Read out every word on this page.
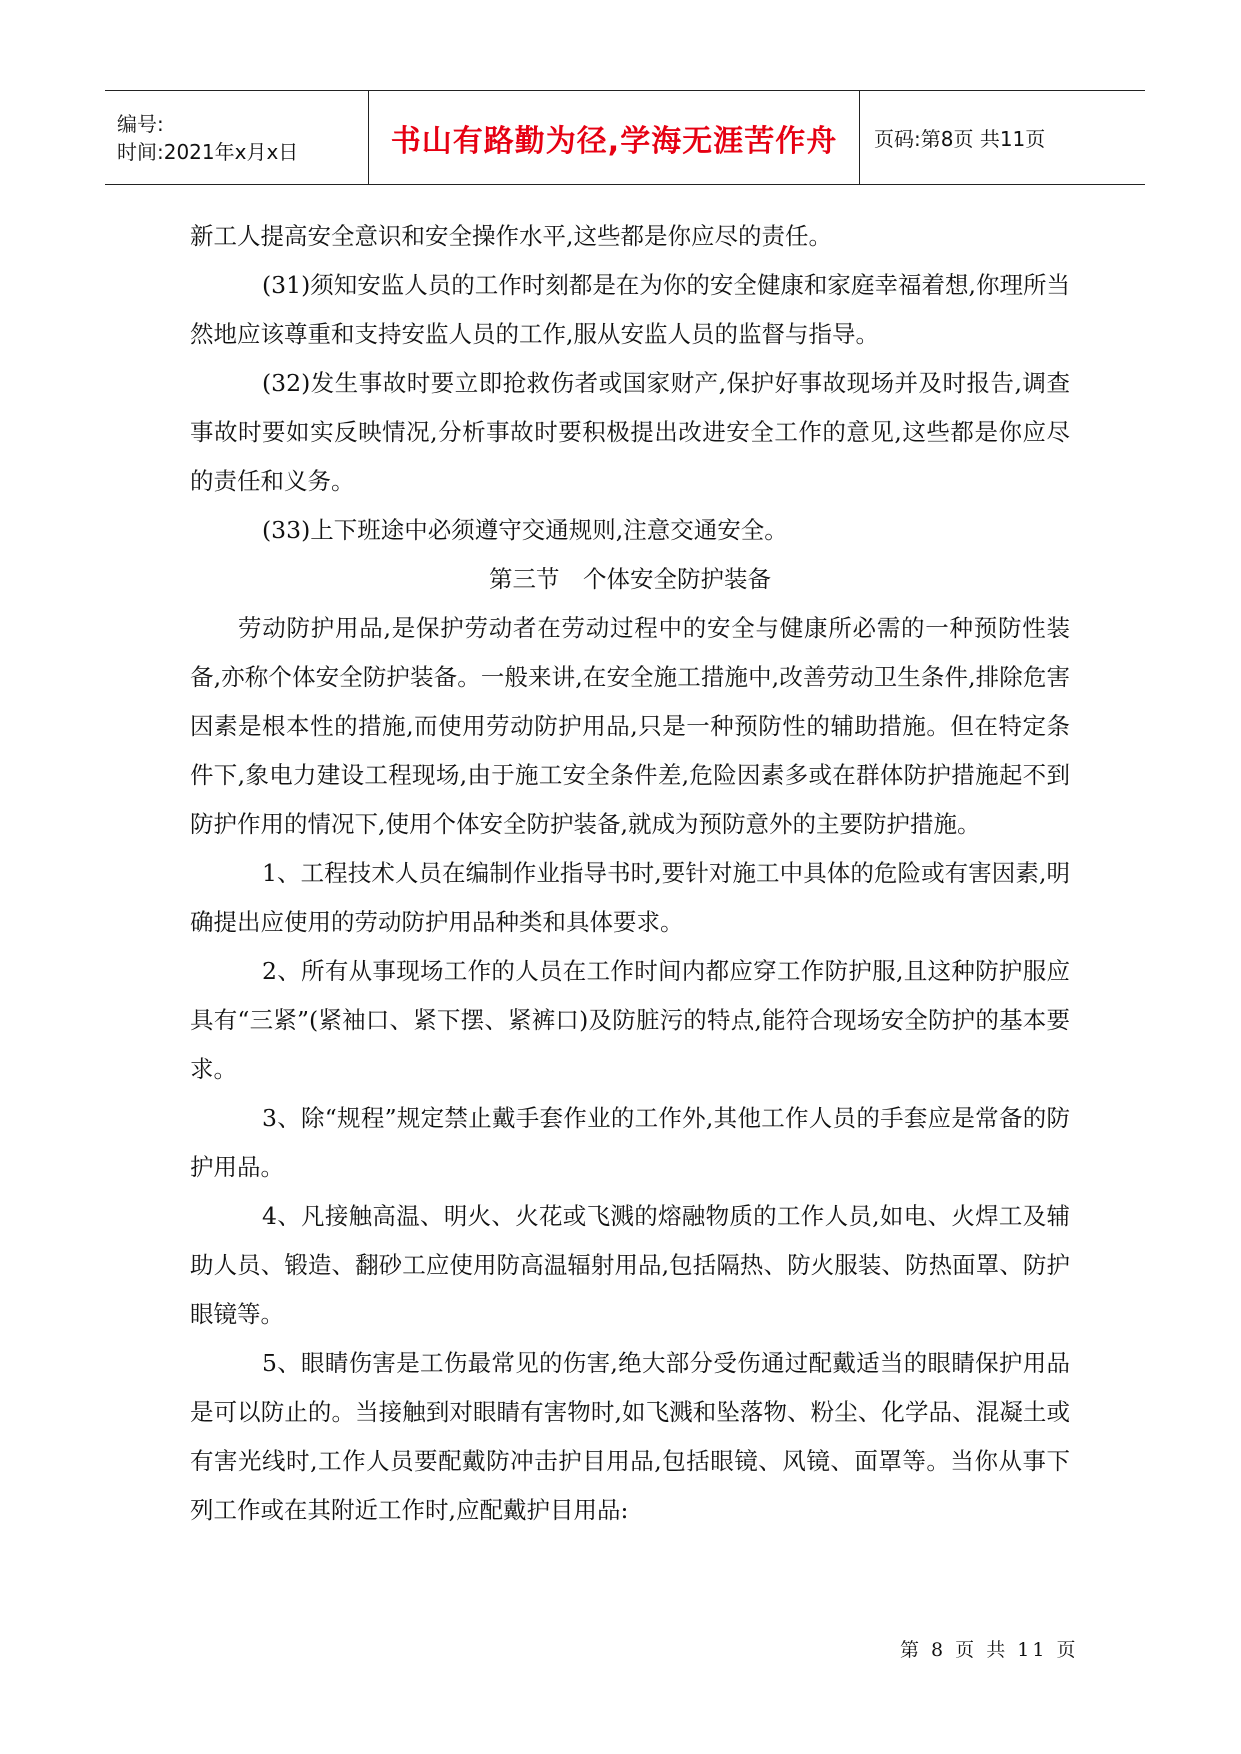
编号:
时间:2021年x月x日	书山有路勤为径,学海无涯苦作舟	页码:第8页 共11页

新工人提高安全意识和安全操作水平,这些都是你应尽的责任。

(31)须知安监人员的工作时刻都是在为你的安全健康和家庭幸福着想,你理所当然地应该尊重和支持安监人员的工作,服从安监人员的监督与指导。

(32)发生事故时要立即抢救伤者或国家财产,保护好事故现场并及时报告,调查事故时要如实反映情况,分析事故时要积极提出改进安全工作的意见,这些都是你应尽的责任和义务。

(33)上下班途中必须遵守交通规则,注意交通安全。

第三节　个体安全防护装备

劳动防护用品,是保护劳动者在劳动过程中的安全与健康所必需的一种预防性装备,亦称个体安全防护装备。一般来讲,在安全施工措施中,改善劳动卫生条件,排除危害因素是根本性的措施,而使用劳动防护用品,只是一种预防性的辅助措施。但在特定条件下,象电力建设工程现场,由于施工安全条件差,危险因素多或在群体防护措施起不到防护作用的情况下,使用个体安全防护装备,就成为预防意外的主要防护措施。

1、工程技术人员在编制作业指导书时,要针对施工中具体的危险或有害因素,明确提出应使用的劳动防护用品种类和具体要求。

2、所有从事现场工作的人员在工作时间内都应穿工作防护服,且这种防护服应具有“三紧”(紧袖口、紧下摆、紧裤口)及防脏污的特点,能符合现场安全防护的基本要求。

3、除“规程”规定禁止戴手套作业的工作外,其他工作人员的手套应是常备的防护用品。

4、凡接触高温、明火、火花或飞溅的熔融物质的工作人员,如电、火焊工及辅助人员、锻造、翻砂工应使用防高温辐射用品,包括隔热、防火服装、防热面罩、防护眼镜等。

5、眼睛伤害是工伤最常见的伤害,绝大部分受伤通过配戴适当的眼睛保护用品是可以防止的。当接触到对眼睛有害物时,如飞溅和坠落物、粉尘、化学品、混凝土或有害光线时,工作人员要配戴防冲击护目用品,包括眼镜、风镜、面罩等。当你从事下列工作或在其附近工作时,应配戴护目用品:

第 8 页 共 11 页
